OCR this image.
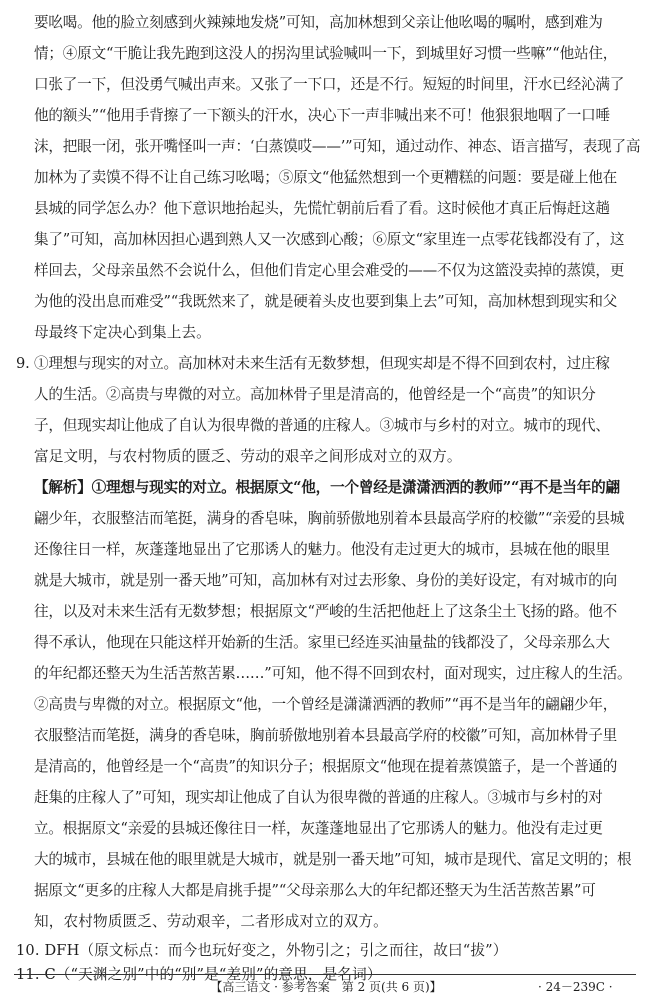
要吆喝。他的脸立刻感到火辣辣地发烧”可知，高加林想到父亲让他吆喝的嘱咐，感到难为
情；④原文“干脆让我先跑到这没人的拐沟里试验喊叫一下，到城里好习惯一些嘛”“他站住，
口张了一下，但没勇气喊出声来。又张了一下口，还是不行。短短的时间里，汗水已经沁满了
他的额头”“他用手背擦了一下额头的汗水，决心下一声非喊出来不可！他狠狠地咽了一口唾
沫，把眼一闭，张开嘴怪叫一声：‘白蒸馍哎——’”可知，通过动作、神态、语言描写，表现了高
加林为了卖馍不得不让自己练习吆喝；⑤原文“他猛然想到一个更糟糕的问题：要是碰上他在
县城的同学怎么办？他下意识地抬起头，先慌忙朝前后看了看。这时候他才真正后悔赶这趟
集了”可知，高加林因担心遇到熟人又一次感到心酸；⑥原文“家里连一点零花钱都没有了，这
样回去，父母亲虽然不会说什么，但他们肯定心里会难受的——不仅为这篮没卖掉的蒸馍，更
为他的没出息而难受”“我既然来了，就是硬着头皮也要到集上去”可知，高加林想到现实和父
母最终下定决心到集上去。
9. ①理想与现实的对立。高加林对未来生活有无数梦想，但现实却是不得不回到农村，过庄稼
人的生活。②高贵与卑微的对立。高加林骨子里是清高的，他曾经是一个“高贵”的知识分
子，但现实却让他成了自认为很卑微的普通的庄稼人。③城市与乡村的对立。城市的现代、
富足文明，与农村物质的匮乏、劳动的艰辛之间形成对立的双方。
【解析】①理想与现实的对立。根据原文“他，一个曾经是潇潇洒洒的教师”“再不是当年的翩
翩少年，衣服整洁而笔挺，满身的香皂味，胸前骄傲地别着本县最高学府的校徽”“亲爱的县城
还像往日一样，灰蓬蓬地显出了它那诱人的魅力。他没有走过更大的城市，县城在他的眼里
就是大城市，就是别一番天地”可知，高加林有对过去形象、身份的美好设定，有对城市的向
往，以及对未来生活有无数梦想；根据原文“严峻的生活把他赶上了这条尘土飞扬的路。他不
得不承认，他现在只能这样开始新的生活。家里已经连买油量盐的钱都没了，父母亲那么大
的年纪都还整天为生活苦熬苦累……”可知，他不得不回到农村，面对现实，过庄稼人的生活。
②高贵与卑微的对立。根据原文“他，一个曾经是潇潇洒洒的教师”“再不是当年的翩翩少年，
衣服整洁而笔挺，满身的香皂味，胸前骄傲地别着本县最高学府的校徽”可知，高加林骨子里
是清高的，他曾经是一个“高贵”的知识分子；根据原文“他现在提着蒸馍篮子，是一个普通的
赶集的庄稼人了”可知，现实却让他成了自认为很卑微的普通的庄稼人。③城市与乡村的对
立。根据原文“亲爱的县城还像往日一样，灰蓬蓬地显出了它那诱人的魅力。他没有走过更
大的城市，县城在他的眼里就是大城市，就是别一番天地”可知，城市是现代、富足文明的；根
据原文“更多的庄稼人大都是肩挑手提”“父母亲那么大的年纪都还整天为生活苦熬苦累”可
知，农村物质匮乏、劳动艰辛，二者形成对立的双方。
10. DFH（原文标点：而今也玩好变之，外物引之；引之而往，故曰“拔”）
11. C（“天渊之别”中的“别”是“差别”的意思，是名词）
【高三语文 · 参考答案　第 2 页(共 6 页)】	· 24－239C ·
